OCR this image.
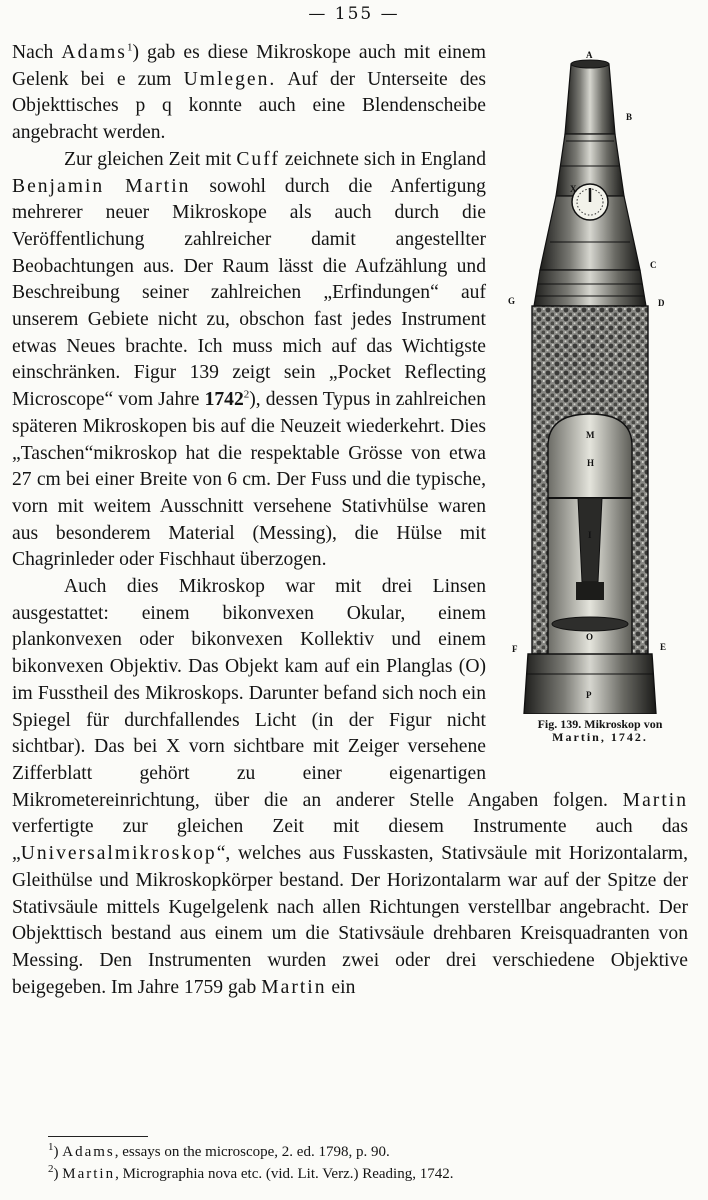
— 155 —
A
B
X
C
G	D
M
H
I
O
F	E
P
Fig. 139. Mikroskop von
Martin, 1742.

Nach Adams$^1$) gab es diese Mikroskope auch mit einem Gelenk bei e zum Umlegen. Auf der Unterseite des Objekttisches p q konnte auch eine Blendenscheibe angebracht werden.

Zur gleichen Zeit mit Cuff zeichnete sich in England Benjamin Martin sowohl durch die Anfertigung mehrerer neuer Mikroskope als auch durch die Veröffentlichung zahlreicher damit angestellter Beobachtungen aus. Der Raum lässt die Aufzählung und Beschreibung seiner zahlreichen „Erfindungen“ auf unserem Gebiete nicht zu, obschon fast jedes Instrument etwas Neues brachte. Ich muss mich auf das Wichtigste einschränken. Figur 139 zeigt sein „Pocket Reflecting Microscope“ vom Jahre 1742$^2$), dessen Typus in zahlreichen späteren Mikroskopen bis auf die Neuzeit wiederkehrt. Dies „Taschen“mikroskop hat die respektable Grösse von etwa 27 cm bei einer Breite von 6 cm. Der Fuss und die typische, vorn mit weitem Ausschnitt versehene Stativhülse waren aus besonderem Material (Messing), die Hülse mit Chagrinleder oder Fischhaut überzogen.

Auch dies Mikroskop war mit drei Linsen ausgestattet: einem bikonvexen Okular, einem plankonvexen oder bikonvexen Kollektiv und einem bikonvexen Objektiv. Das Objekt kam auf ein Planglas (O) im Fusstheil des Mikroskops. Darunter befand sich noch ein Spiegel für durchfallendes Licht (in der Figur nicht sichtbar). Das bei X vorn sichtbare mit Zeiger versehene Zifferblatt gehört zu einer eigenartigen Mikrometereinrichtung, über die an anderer Stelle Angaben folgen. Martin verfertigte zur gleichen Zeit mit diesem Instrumente auch das „Universalmikroskop“, welches aus Fusskasten, Stativsäule mit Horizontalarm, Gleithülse und Mikroskopkörper bestand. Der Horizontalarm war auf der Spitze der Stativsäule mittels Kugelgelenk nach allen Richtungen verstellbar angebracht. Der Objekttisch bestand aus einem um die Stativsäule drehbaren Kreisquadranten von Messing. Den Instrumenten wurden zwei oder drei verschiedene Objektive beigegeben. Im Jahre 1759 gab Martin ein

$^1$) Adams, essays on the microscope, 2. ed. 1798, p. 90.

$^2$) Martin, Micrographia nova etc. (vid. Lit. Verz.) Reading, 1742.
